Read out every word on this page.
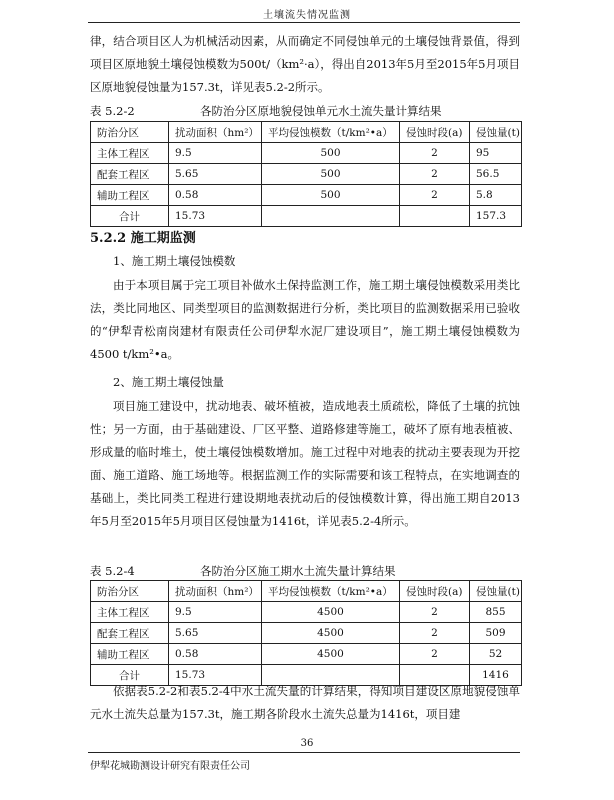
土壤流失情况监测

律，结合项目区人为机械活动因素，从而确定不同侵蚀单元的土壤侵蚀背景值，得到项目区原地貌土壤侵蚀模数为500t/（km²·a），得出自2013年5月至2015年5月项目区原地貌侵蚀量为157.3t，详见表5.2-2所示。

表 5.2-2	各防治分区原地貌侵蚀单元水土流失量计算结果
防治分区	扰动面积（hm²）	平均侵蚀模数（t/km²•a）	侵蚀时段(a)	侵蚀量(t)
主体工程区	9.5	500	2	95
配套工程区	5.65	500	2	56.5
辅助工程区	0.58	500	2	5.8
合计	15.73			157.3
5.2.2 施工期监测

1、施工期土壤侵蚀模数

由于本项目属于完工项目补做水土保持监测工作，施工期土壤侵蚀模数采用类比法，类比同地区、同类型项目的监测数据进行分析，类比项目的监测数据采用已验收的“伊犁青松南岗建材有限责任公司伊犁水泥厂建设项目”，施工期土壤侵蚀模数为4500 t/km²•a。

2、施工期土壤侵蚀量

项目施工建设中，扰动地表、破坏植被，造成地表土质疏松，降低了土壤的抗蚀性；另一方面，由于基础建设、厂区平整、道路修建等施工，破坏了原有地表植被、形成量的临时堆土，使土壤侵蚀模数增加。施工过程中对地表的扰动主要表现为开挖面、施工道路、施工场地等。根据监测工作的实际需要和该工程特点，在实地调查的基础上，类比同类工程进行建设期地表扰动后的侵蚀模数计算，得出施工期自2013年5月至2015年5月项目区侵蚀量为1416t，详见表5.2-4所示。

表 5.2-4	各防治分区施工期水土流失量计算结果
防治分区	扰动面积（hm²）	平均侵蚀模数（t/km²•a）	侵蚀时段(a)	侵蚀量(t)
主体工程区	9.5	4500	2	855
配套工程区	5.65	4500	2	509
辅助工程区	0.58	4500	2	52
合计	15.73			1416

依据表5.2-2和表5.2-4中水土流失量的计算结果，得知项目建设区原地貌侵蚀单元水土流失总量为157.3t，施工期各阶段水土流失总量为1416t，项目建

36
伊犁花城勘测设计研究有限责任公司
